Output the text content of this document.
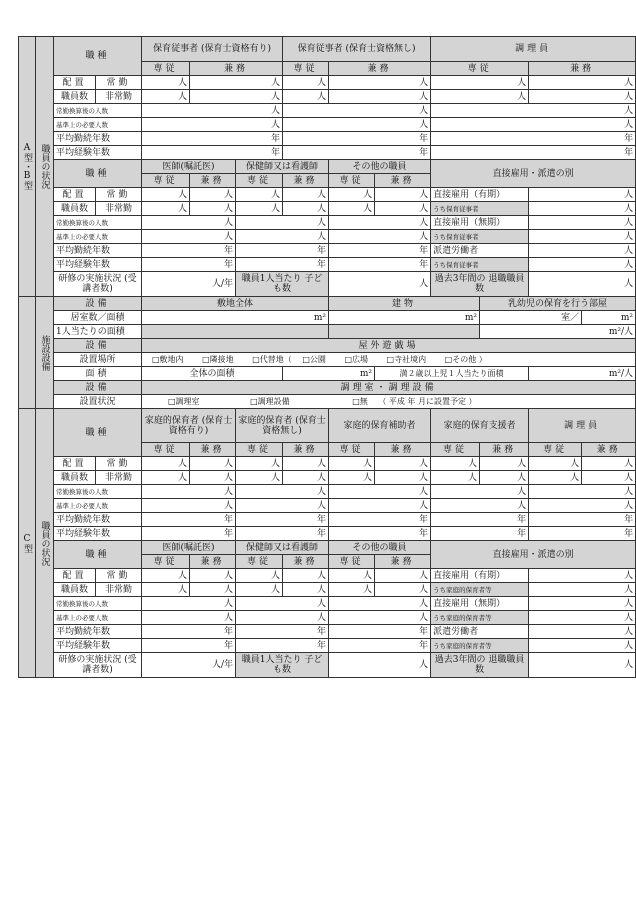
A型・B型	職員の状況	職種		保育従事者 (保育士資格有り)			保育従事者 (保育士資格無し)			調理員	
				専従	兼務		専従	兼務		専従	兼務
		配置	常勤	人	人		人	人		人	人
		職員数	非常勤	人	人		人	人		人	人
		常勤換算後の人数		人			人			人	
		基準上の必要人数		人			人			人	
		平均勤続年数		年			年			年	
		平均経験年数		年			年			年	
		職種		医師(嘱託医)		保健師又は看護師		その他の職員		直接雇用・派遣の別	
				専従	兼務	専従	兼務	専従	兼務		
		配置	常勤	人	人	人	人	人	人	直接雇用（有期）	人
		職員数	非常勤	人	人	人	人	人	人	うち保育従事者	人
		常勤換算後の人数		人		人		人		直接雇用（無期）	人
		基準上の必要人数		人		人		人		うち保育従事者	人
		平均勤続年数		年		年		年		派遣労働者	人
		平均経験年数		年		年		年		うち保育従事者	人
		研修の実施状況 (受講者数)		人/年		職員1人当たり 子ども数		人		過去3年間の 退職職員数	人
	施設設備	設備	敷地全体		建物		乳幼児の保育を行う部屋		
		居室数／面積	m²		m²		室／		m²
		1人当たりの面積					m²/人		
		設備	屋外遊戯場						
		設置場所	□敷地内 □隣接地 □代替地（ □公園 □広場 □寺社境内 □その他 ）						
		面積	全体の面積	m²		満２歳以上児１人当たり面積		m²/人	
		設備	調理室・調理設備						
		設置状況	□調理室 □調理設備 □無 （ 平成 年 月に設置予定 ）						
C型	職員の状況	職種		家庭的保育者 (保育士資格有り)		家庭的保育者 (保育士資格無し)		家庭的保育補助者		家庭的保育支援者		調理員	
				専従	兼務	専従	兼務	専従	兼務	専従	兼務	専従	兼務
		配置	常勤	人	人	人	人	人	人	人	人	人	人
		職員数	非常勤	人	人	人	人	人	人	人	人	人	人
		常勤換算後の人数		人		人		人		人		人	
		基準上の必要人数		人		人		人		人		人	
		平均勤続年数		年		年		年		年		年	
		平均経験年数		年		年		年		年		年	
		職種		医師(嘱託医)		保健師又は看護師		その他の職員		直接雇用・派遣の別			
				専従	兼務	専従	兼務	専従	兼務				
		配置	常勤	人	人	人	人	人	人	直接雇用（有期）		人	
		職員数	非常勤	人	人	人	人	人	人	うち家庭的保育者等		人	
		常勤換算後の人数		人		人		人		直接雇用（無期）		人	
		基準上の必要人数		人		人		人		うち家庭的保育者等		人	
		平均勤続年数		年		年		年		派遣労働者		人	
		平均経験年数		年		年		年		うち家庭的保育者等		人	
		研修の実施状況 (受講者数)		人/年		職員1人当たり 子ども数		人		過去3年間の 退職職員数		人	
